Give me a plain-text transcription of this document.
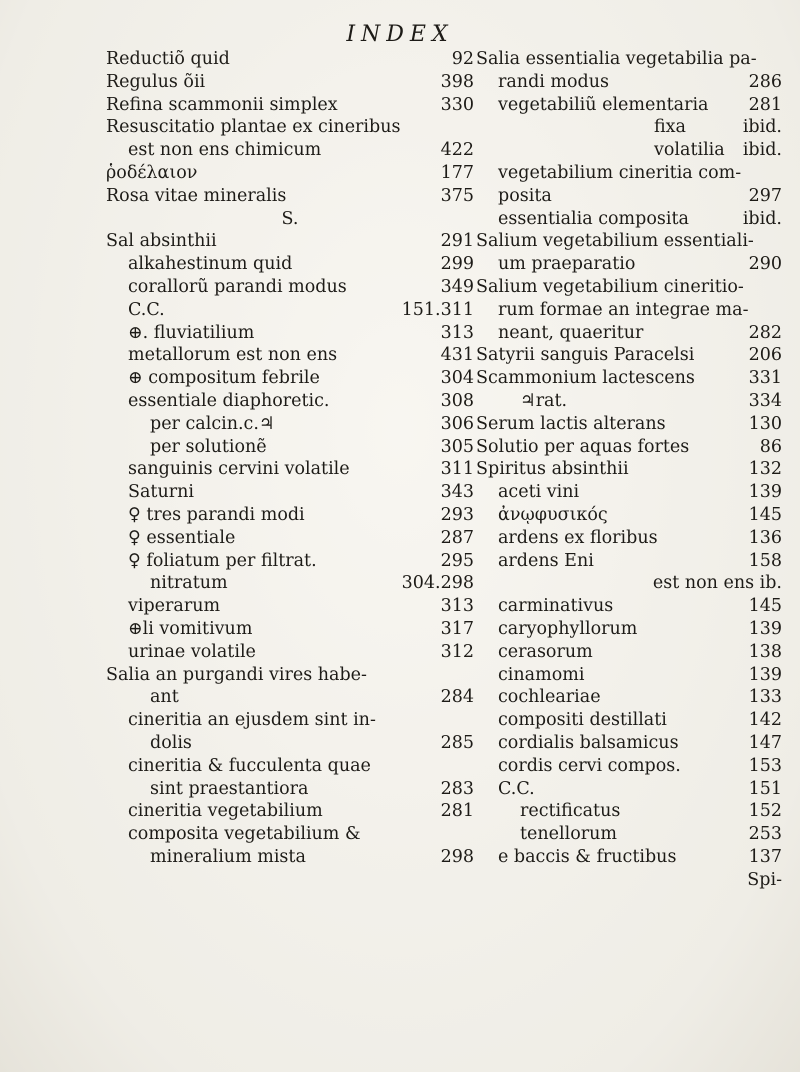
INDEX
Reductiõ quid	92
Regulus õii	398
Refina scammonii simplex	330
Resuscitatio plantae ex cineribus
est non ens chimicum	422
ῥοδέλαιον	177
Rosa vitae mineralis	375
S.
Sal absinthii	291
alkahestinum quid	299
corallorũ parandi modus	349
C.C.	151.311
⊕. fluviatilium	313
metallorum est non ens	431
⊕ compositum febrile	304
essentiale diaphoretic.	308
per calcin.c.♃	306
per solutionẽ	305
sanguinis cervini volatile	311
Saturni	343
♀ tres parandi modi	293
♀ essentiale	287
♀ foliatum per filtrat.	295
nitratum	304.298
viperarum	313
⊕li vomitivum	317
urinae volatile	312
Salia an purgandi vires habe-
ant	284
cineritia an ejusdem sint in-
dolis	285
cineritia & fucculenta quae
sint praestantiora	283
cineritia vegetabilium	281
composita vegetabilium &
mineralium mista	298
Salia essentialia vegetabilia pa-
randi modus	286
vegetabiliũ elementaria	281
fixa	ibid.
volatilia	ibid.
vegetabilium cineritia com-
posita	297
essentialia composita	ibid.
Salium vegetabilium essentiali-
um praeparatio	290
Salium vegetabilium cineritio-
rum formae an integrae ma-
neant, quaeritur	282
Satyrii sanguis Paracelsi	206
Scammonium lactescens	331
♃rat.	334
Serum lactis alterans	130
Solutio per aquas fortes	86
Spiritus absinthii	132
aceti vini	139
ἀνῳφυσικός	145
ardens ex floribus	136
ardens Eni	158
est non ens ib.
carminativus	145
caryophyllorum	139
cerasorum	138
cinamomi	139
cochleariae	133
compositi destillati	142
cordialis balsamicus	147
cordis cervi compos.	153
C.C.	151
rectificatus	152
tenellorum	253
e baccis & fructibus	137
Spi-
